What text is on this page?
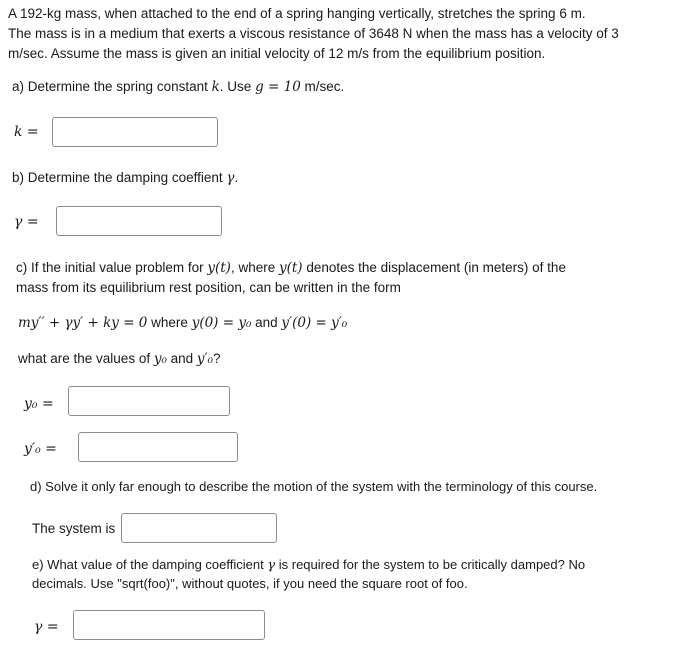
A 192-kg mass, when attached to the end of a spring hanging vertically, stretches the spring 6 m.
The mass is in a medium that exerts a viscous resistance of 3648 N when the mass has a velocity of 3
m/sec. Assume the mass is given an initial velocity of 12 m/s from the equilibrium position.
a) Determine the spring constant k. Use g = 10 m/sec.
k =
b) Determine the damping coeffient γ.
γ =
c) If the initial value problem for y(t), where y(t) denotes the displacement (in meters) of the
mass from its equilibrium rest position, can be written in the form
my′′ + γy′ + ky = 0 where y(0) = y₀ and y′(0) = y′₀
what are the values of y₀ and y′₀?
y₀ =
y′₀ =
d) Solve it only far enough to describe the motion of the system with the terminology of this course.
The system is
e) What value of the damping coefficient γ is required for the system to be critically damped? No
decimals. Use "sqrt(foo)", without quotes, if you need the square root of foo.
γ =
